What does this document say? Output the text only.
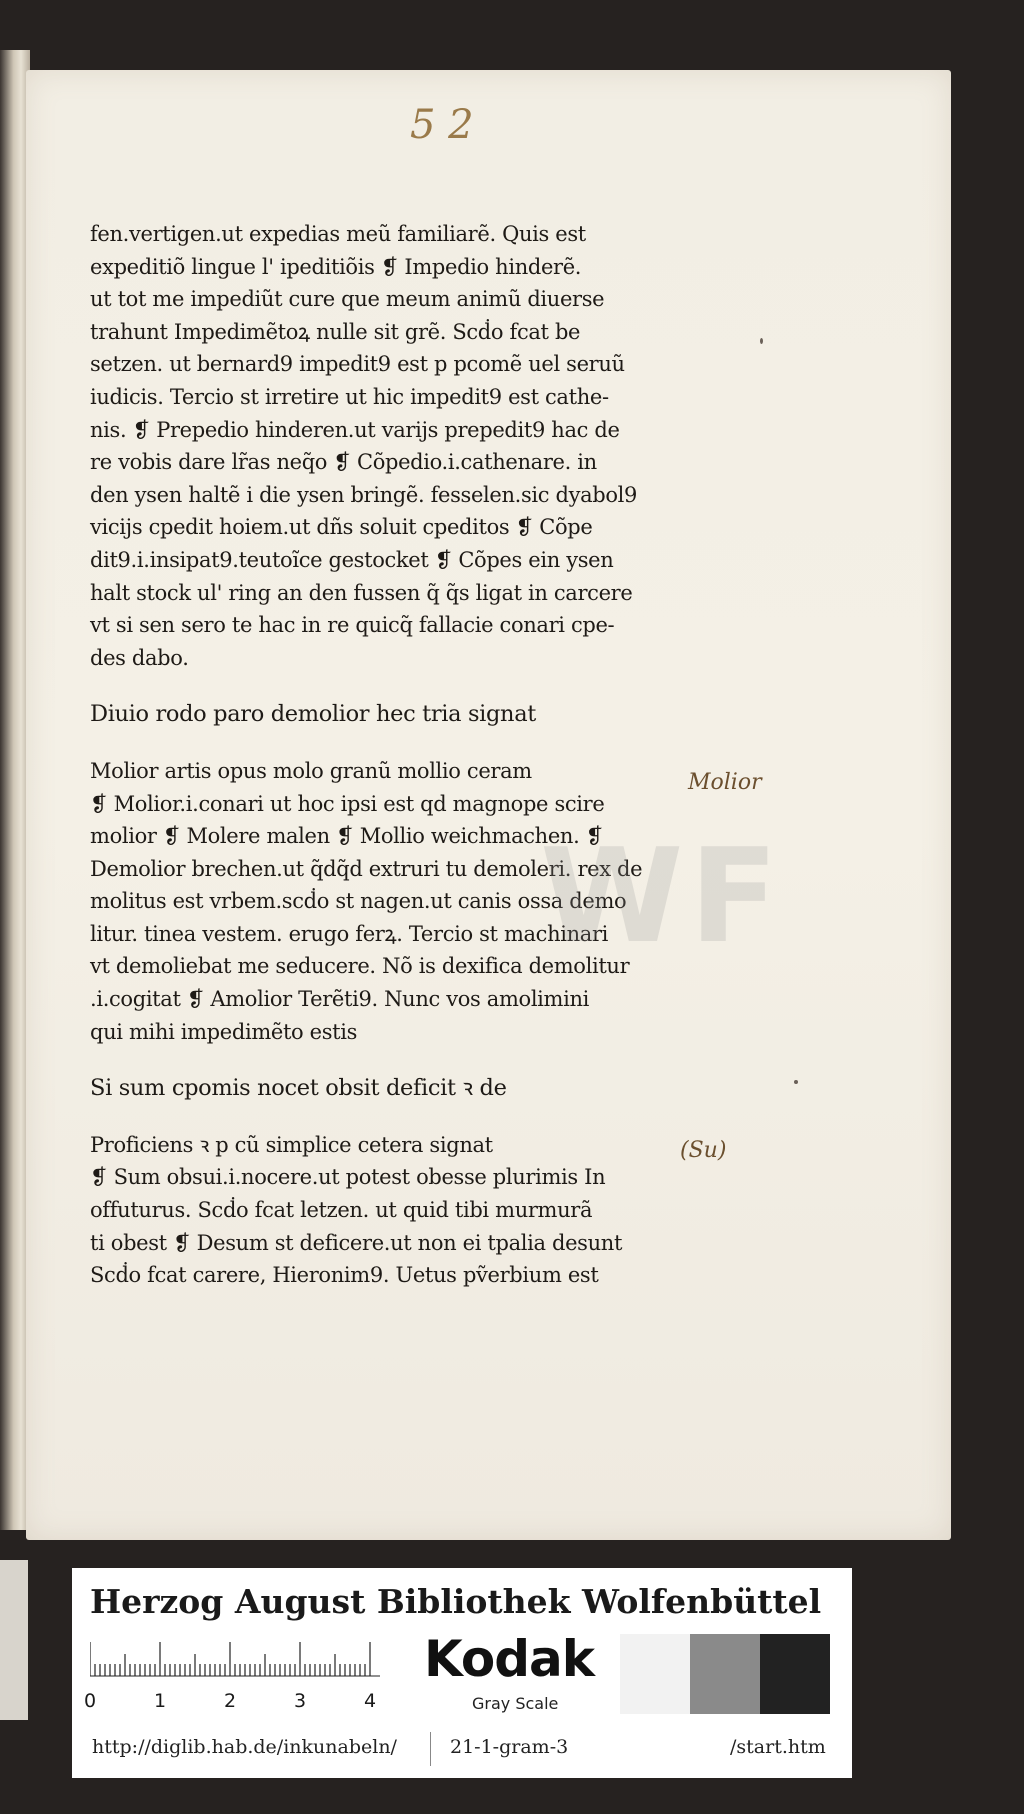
5 2
fen.vertigen.ut expedias meũ familiarẽ. Quis est
expeditiõ lingue l' ipeditiõis ❡ Impedio hinderẽ.
ut tot me impediũt cure que meum animũ diuerse
trahunt Impedimẽtoꝝ nulle sit grẽ. Scḋo fcat be
setzen. ut bernard9 impedit9 est p pcomẽ uel seruũ
iudicis. Tercio st irretire ut hic impedit9 est cathe-
nis. ❡ Prepedio hinderen.ut varijs prepedit9 hac de
re vobis dare lr̃as neq̃o ❡ Cõpedio.i.cathenare. in
den ysen haltẽ i die ysen bringẽ. fesselen.sic dyabol9
vicijs cpedit hoiem.ut dñs soluit cpeditos ❡ Cõpe
dit9.i.insipat9.teutoĩce gestocket ❡ Cõpes ein ysen
halt stock ul' ring an den fussen q̃ q̃s ligat in carcere
vt si sen sero te hac in re quicq̃ fallacie conari cpe-
des dabo.
Diuio rodo paro demolior hec tria signat
Molior artis opus molo granũ mollio ceram
❡ Molior.i.conari ut hoc ipsi est qd magnope scire
molior ❡ Molere malen ❡ Mollio weichmachen. ❡
Demolior brechen.ut q̃dq̃d extruri tu demoleri. rex de
molitus est vrbem.scḋo st nagen.ut canis ossa demo
litur. tinea vestem. erugo ferꝝ. Tercio st machinari
vt demoliebat me seducere. Nõ is dexifica demolitur
.i.cogitat ❡ Amolior Terẽti9. Nunc vos amolimini
qui mihi impedimẽto estis
Si sum cpomis nocet obsit deficit ꝛ de
Proficiens ꝛ p cũ simplice cetera signat
❡ Sum obsui.i.nocere.ut potest obesse plurimis In
offuturus. Scḋo fcat letzen. ut quid tibi murmurã
ti obest ❡ Desum st deficere.ut non ei tpalia desunt
Scḋo fcat carere, Hieronim9. Uetus pṽerbium est
Molior
(Su)
WF
Herzog August Bibliothek Wolfenbüttel
0	1	2	3	4
Kodak
Gray Scale
http://diglib.hab.de/inkunabeln/	21-1-gram-3	/start.htm
